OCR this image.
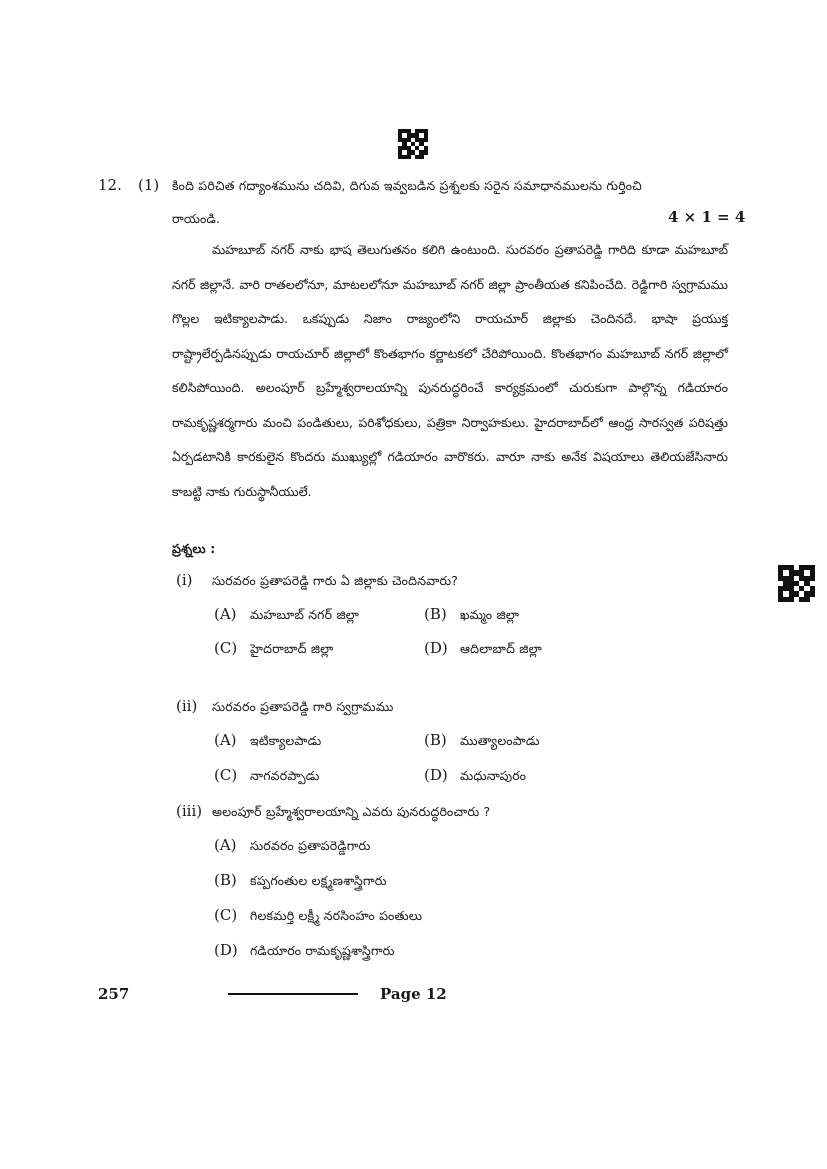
12. (1) కింది పరిచిత గద్యాంశమును చదివి, దిగువ ఇవ్వబడిన ప్రశ్నలకు సరైన సమాధానములను గుర్తించి
రాయండి.	4 × 1 = 4
మహబూబ్ నగర్ నాకు భాష తెలుగుతనం కలిగి ఉంటుంది. సురవరం ప్రతాపరెడ్డి గారిది కూడా మహబూబ్ నగర్ జిల్లానే. వారి రాతలలోనూ, మాటలలోనూ మహబూబ్ నగర్ జిల్లా ప్రాంతీయత కనిపించేది. రెడ్డిగారి స్వగ్రామము గొల్లల ఇటిక్యాలపాడు. ఒకప్పుడు నిజాం రాజ్యంలోని రాయచూర్ జిల్లాకు చెందినదే. భాషా ప్రయుక్త రాష్ట్రాలేర్పడినప్పుడు రాయచూర్ జిల్లాలో కొంతభాగం కర్ణాటకలో చేరిపోయింది. కొంతభాగం మహబూబ్ నగర్ జిల్లాలో కలిసిపోయింది. అలంపూర్ బ్రహ్మేశ్వరాలయాన్ని పునరుద్ధరించే కార్యక్రమంలో చురుకుగా పాల్గొన్న గడియారం రామకృష్ణశర్మగారు మంచి పండితులు, పరిశోధకులు, పత్రికా నిర్వాహకులు. హైదరాబాద్‌లో ఆంధ్ర సారస్వత పరిషత్తు ఏర్పడటానికి కారకులైన కొందరు ముఖ్యుల్లో గడియారం వారొకరు. వారూ నాకు అనేక విషయాలు తెలియజేసినారు కాబట్టి నాకు గురుస్థానీయులే.
ప్రశ్నలు :
(i) సురవరం ప్రతాపరెడ్డి గారు ఏ జిల్లాకు చెందినవారు?
(A) మహబూబ్ నగర్ జిల్లా	(B) ఖమ్మం జిల్లా
(C) హైదరాబాద్ జిల్లా	(D) ఆదిలాబాద్ జిల్లా
(ii) సురవరం ప్రతాపరెడ్డి గారి స్వగ్రామము
(A) ఇటిక్యాలపాడు	(B) ముత్యాలంపాడు
(C) నాగవరప్పాడు	(D) మధునాపురం
(iii) అలంపూర్ బ్రహ్మేశ్వరాలయాన్ని ఎవరు పునరుద్ధరించారు ?
(A) సురవరం ప్రతాపరెడ్డిగారు
(B) కప్పగంతుల లక్ష్మణశాస్త్రిగారు
(C) గిలకమర్తి లక్ష్మీ నరసింహం పంతులు
(D) గడియారం రామకృష్ణశాస్త్రిగారు
257	Page 12
